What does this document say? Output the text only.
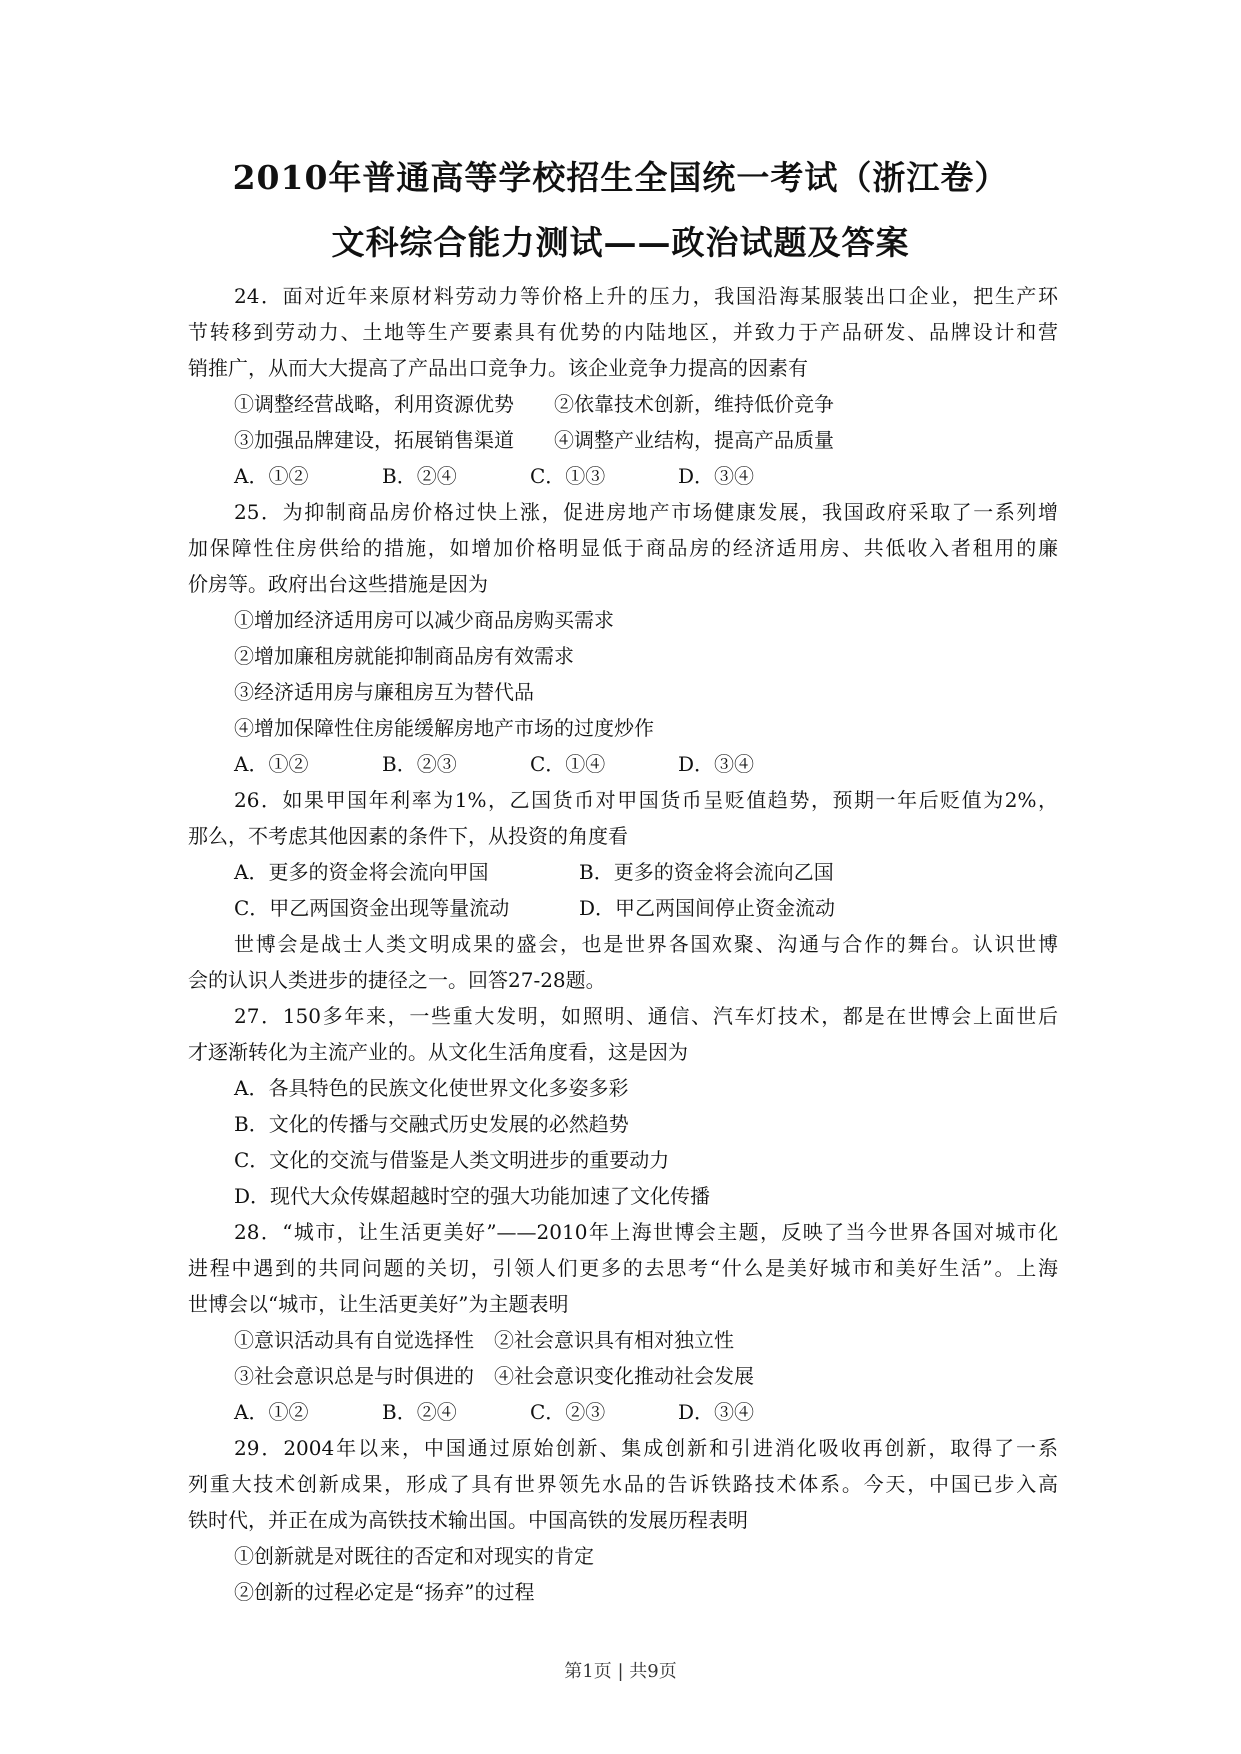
2010年普通高等学校招生全国统一考试（浙江卷）
文科综合能力测试——政治试题及答案
24．面对近年来原材料劳动力等价格上升的压力，我国沿海某服装出口企业，把生产环
节转移到劳动力、土地等生产要素具有优势的内陆地区，并致力于产品研发、品牌设计和营
销推广，从而大大提高了产品出口竞争力。该企业竞争力提高的因素有
①调整经营战略，利用资源优势　　②依靠技术创新，维持低价竞争
③加强品牌建设，拓展销售渠道　　④调整产业结构，提高产品质量
A．①②	B．②④	C．①③	D．③④
25．为抑制商品房价格过快上涨，促进房地产市场健康发展，我国政府采取了一系列增
加保障性住房供给的措施，如增加价格明显低于商品房的经济适用房、共低收入者租用的廉
价房等。政府出台这些措施是因为
①增加经济适用房可以减少商品房购买需求
②增加廉租房就能抑制商品房有效需求
③经济适用房与廉租房互为替代品
④增加保障性住房能缓解房地产市场的过度炒作
A．①②	B．②③	C．①④	D．③④
26．如果甲国年利率为1%，乙国货币对甲国货币呈贬值趋势，预期一年后贬值为2%，
那么，不考虑其他因素的条件下，从投资的角度看
A．更多的资金将会流向甲国	B．更多的资金将会流向乙国
C．甲乙两国资金出现等量流动	D．甲乙两国间停止资金流动
世博会是战士人类文明成果的盛会，也是世界各国欢聚、沟通与合作的舞台。认识世博
会的认识人类进步的捷径之一。回答27-28题。
27．150多年来，一些重大发明，如照明、通信、汽车灯技术，都是在世博会上面世后
才逐渐转化为主流产业的。从文化生活角度看，这是因为
A．各具特色的民族文化使世界文化多姿多彩
B．文化的传播与交融式历史发展的必然趋势
C．文化的交流与借鉴是人类文明进步的重要动力
D．现代大众传媒超越时空的强大功能加速了文化传播
28．“城市，让生活更美好”——2010年上海世博会主题，反映了当今世界各国对城市化
进程中遇到的共同问题的关切，引领人们更多的去思考“什么是美好城市和美好生活”。上海
世博会以“城市，让生活更美好”为主题表明
①意识活动具有自觉选择性　②社会意识具有相对独立性
③社会意识总是与时俱进的　④社会意识变化推动社会发展
A．①②	B．②④	C．②③	D．③④
29．2004年以来，中国通过原始创新、集成创新和引进消化吸收再创新，取得了一系
列重大技术创新成果，形成了具有世界领先水品的告诉铁路技术体系。今天，中国已步入高
铁时代，并正在成为高铁技术输出国。中国高铁的发展历程表明
①创新就是对既往的否定和对现实的肯定
②创新的过程必定是“扬弃”的过程
第1页 | 共9页
